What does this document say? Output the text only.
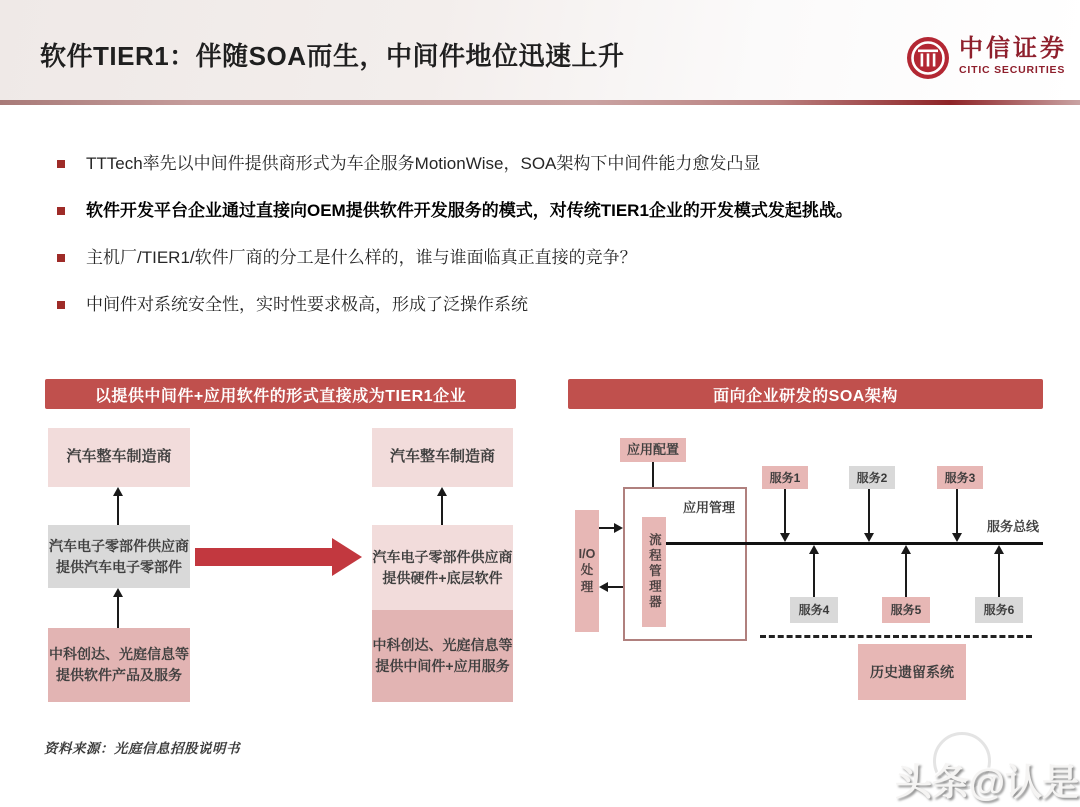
软件TIER1：伴随SOA而生，中间件地位迅速上升	中信证券
CITIC SECURITIES
TTTech率先以中间件提供商形式为车企服务MotionWise，SOA架构下中间件能力愈发凸显
软件开发平台企业通过直接向OEM提供软件开发服务的模式，对传统TIER1企业的开发模式发起挑战。
主机厂/TIER1/软件厂商的分工是什么样的，谁与谁面临真正直接的竞争？
中间件对系统安全性，实时性要求极高，形成了泛操作系统
以提供中间件+应用软件的形式直接成为TIER1企业	面向企业研发的SOA架构
汽车整车制造商
汽车电子零部件供应商
提供汽车电子零部件
中科创达、光庭信息等
提供软件产品及服务
汽车整车制造商
汽车电子零部件供应商
提供硬件+底层软件
中科创达、光庭信息等
提供中间件+应用服务
应用配置
应用管理
流程管理器
I/O
处
理
服务1	服务2	服务3
服务总线
服务4	服务5	服务6
历史遗留系统
资料来源：光庭信息招股说明书
头条@认是
